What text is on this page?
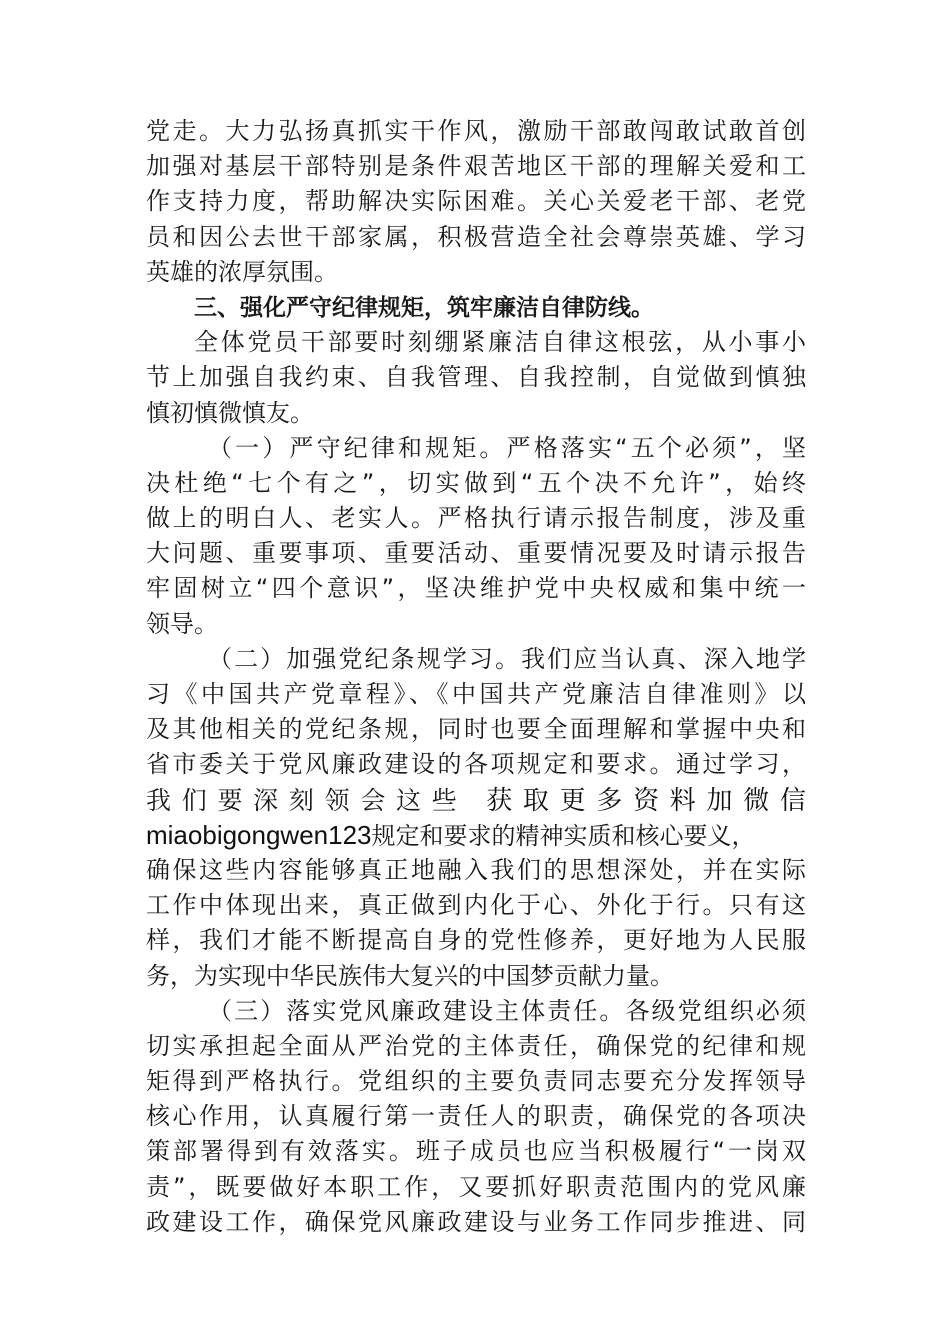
党走。大力弘扬真抓实干作风，激励干部敢闯敢试敢首创
加强对基层干部特别是条件艰苦地区干部的理解关爱和工
作支持力度，帮助解决实际困难。关心关爱老干部、老党
员和因公去世干部家属，积极营造全社会尊崇英雄、学习
英雄的浓厚氛围。
三、强化严守纪律规矩，筑牢廉洁自律防线。
全体党员干部要时刻绷紧廉洁自律这根弦，从小事小
节上加强自我约束、自我管理、自我控制，自觉做到慎独
慎初慎微慎友。
（一）严守纪律和规矩。严格落实“五个必须”，坚
决杜绝“七个有之”，切实做到“五个决不允许”，始终
做上的明白人、老实人。严格执行请示报告制度，涉及重
大问题、重要事项、重要活动、重要情况要及时请示报告
牢固树立“四个意识”，坚决维护党中央权威和集中统一
领导。
（二）加强党纪条规学习。我们应当认真、深入地学
习《中国共产党章程》、《中国共产党廉洁自律准则》以
及其他相关的党纪条规，同时也要全面理解和掌握中央和
省市委关于党风廉政建设的各项规定和要求。通过学习，
我们要深刻领会这些 获取更多资料加微信
miaobigongwen123规定和要求的精神实质和核心要义，
确保这些内容能够真正地融入我们的思想深处，并在实际
工作中体现出来，真正做到内化于心、外化于行。只有这
样，我们才能不断提高自身的党性修养，更好地为人民服
务，为实现中华民族伟大复兴的中国梦贡献力量。
（三）落实党风廉政建设主体责任。各级党组织必须
切实承担起全面从严治党的主体责任，确保党的纪律和规
矩得到严格执行。党组织的主要负责同志要充分发挥领导
核心作用，认真履行第一责任人的职责，确保党的各项决
策部署得到有效落实。班子成员也应当积极履行“一岗双
责”，既要做好本职工作，又要抓好职责范围内的党风廉
政建设工作，确保党风廉政建设与业务工作同步推进、同
